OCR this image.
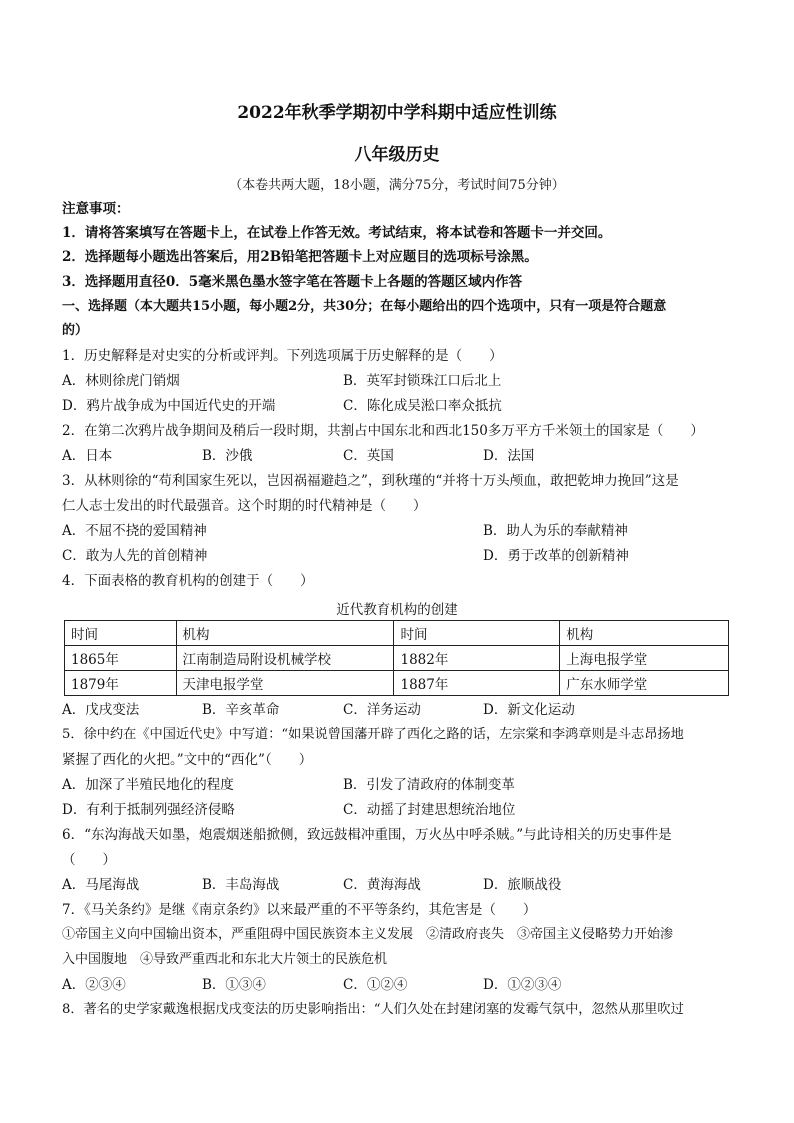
2022年秋季学期初中学科期中适应性训练
八年级历史
（本卷共两大题，18小题，满分75分，考试时间75分钟）
注意事项：
1．请将答案填写在答题卡上，在试卷上作答无效。考试结束，将本试卷和答题卡一并交回。
2．选择题每小题选出答案后，用2B铅笔把答题卡上对应题目的选项标号涂黑。
3．选择题用直径0．5毫米黑色墨水签字笔在答题卡上各题的答题区域内作答
一、选择题（本大题共15小题，每小题2分，共30分；在每小题给出的四个选项中，只有一项是符合题意
的）
1．历史解释是对史实的分析或评判。下列选项属于历史解释的是（　　）
A．林则徐虎门销烟	B．英军封锁珠江口后北上
D．鸦片战争成为中国近代史的开端	C．陈化成吴淞口率众抵抗
2．在第二次鸦片战争期间及稍后一段时期，共割占中国东北和西北150多万平方千米领土的国家是（　　）
A．日本	B．沙俄	C．英国	D．法国
3．从林则徐的“苟利国家生死以，岂因祸福避趋之”，到秋瑾的“并将十万头颅血，敢把乾坤力挽回”这是
仁人志士发出的时代最强音。这个时期的时代精神是（　　）
A．不屈不挠的爱国精神	B．助人为乐的奉献精神
C．敢为人先的首创精神	D．勇于改革的创新精神
4．下面表格的教育机构的创建于（　　）
近代教育机构的创建
时间	机构	时间	机构
1865年	江南制造局附设机械学校	1882年	上海电报学堂
1879年	天津电报学堂	1887年	广东水师学堂
A．戊戌变法	B．辛亥革命	C．洋务运动	D．新文化运动
5．徐中约在《中国近代史》中写道：“如果说曾国藩开辟了西化之路的话，左宗棠和李鸿章则是斗志昂扬地
紧握了西化的火把。”文中的“西化”（　　）
A．加深了半殖民地化的程度	B．引发了清政府的体制变革
D．有利于抵制列强经济侵略	C．动摇了封建思想统治地位
6．“东沟海战天如墨，炮震烟迷船掀侧，致远鼓楫冲重围，万火丛中呼杀贼。”与此诗相关的历史事件是
（　　）
A．马尾海战	B．丰岛海战	C．黄海海战	D．旅顺战役
7．《马关条约》是继《南京条约》以来最严重的不平等条约，其危害是（　　）
①帝国主义向中国输出资本，严重阻碍中国民族资本主义发展　②清政府丧失　③帝国主义侵略势力开始渗
入中国腹地　④导致严重西北和东北大片领土的民族危机
A．②③④	B．①③④	C．①②④	D．①②③④
8．著名的史学家戴逸根据戊戌变法的历史影响指出：“人们久处在封建闭塞的发霉气氛中，忽然从那里吹过
